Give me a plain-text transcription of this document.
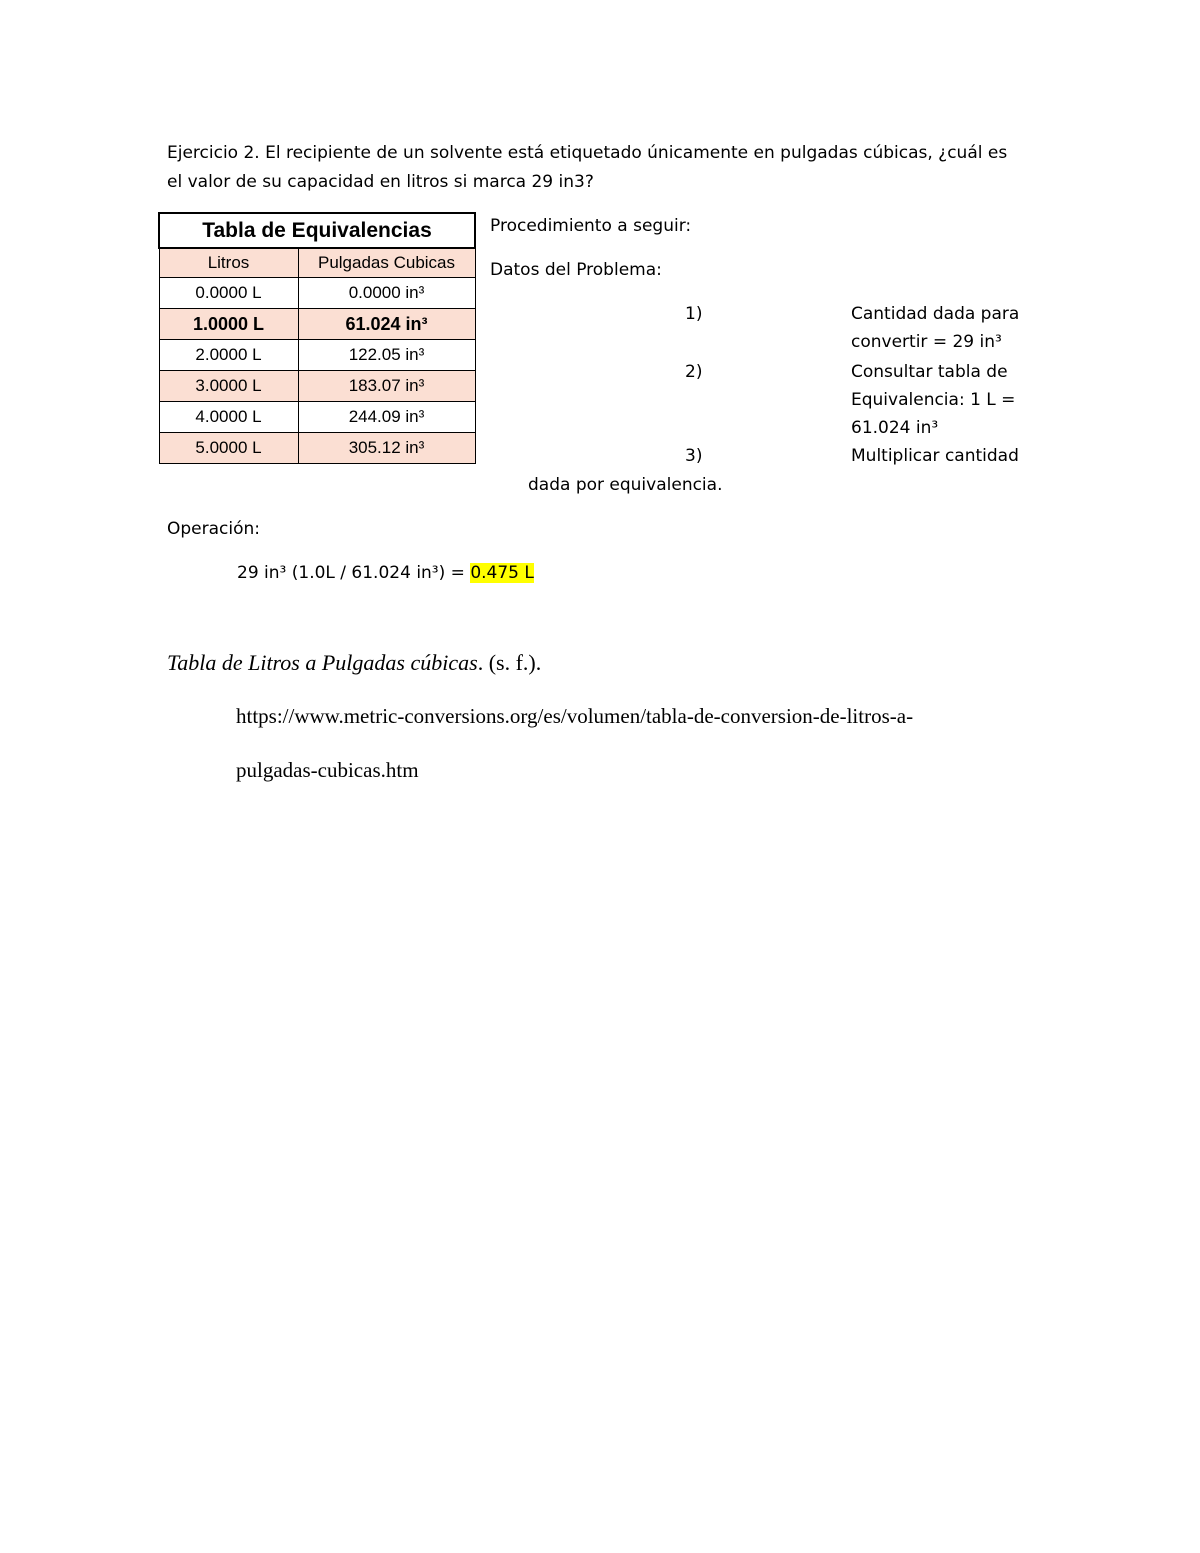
Ejercicio 2. El recipiente de un solvente está etiquetado únicamente en pulgadas cúbicas, ¿cuál es
el valor de su capacidad en litros si marca 29 in3?
Tabla de Equivalencias	
Litros	Pulgadas Cubicas
0.0000 L	0.0000 in³
1.0000 L	61.024 in³
2.0000 L	122.05 in³
3.0000 L	183.07 in³
4.0000 L	244.09 in³
5.0000 L	305.12 in³
Procedimiento a seguir:
Datos del Problema:
1)	Cantidad dada para
convertir = 29 in³
2)	Consultar tabla de
Equivalencia: 1 L =
61.024 in³
3)	Multiplicar cantidad
dada por equivalencia.
Operación:
29 in³ (1.0L / 61.024 in³) = 0.475 L
Tabla de Litros a Pulgadas cúbicas. (s. f.).
https://www.metric-conversions.org/es/volumen/tabla-de-conversion-de-litros-a-
pulgadas-cubicas.htm
